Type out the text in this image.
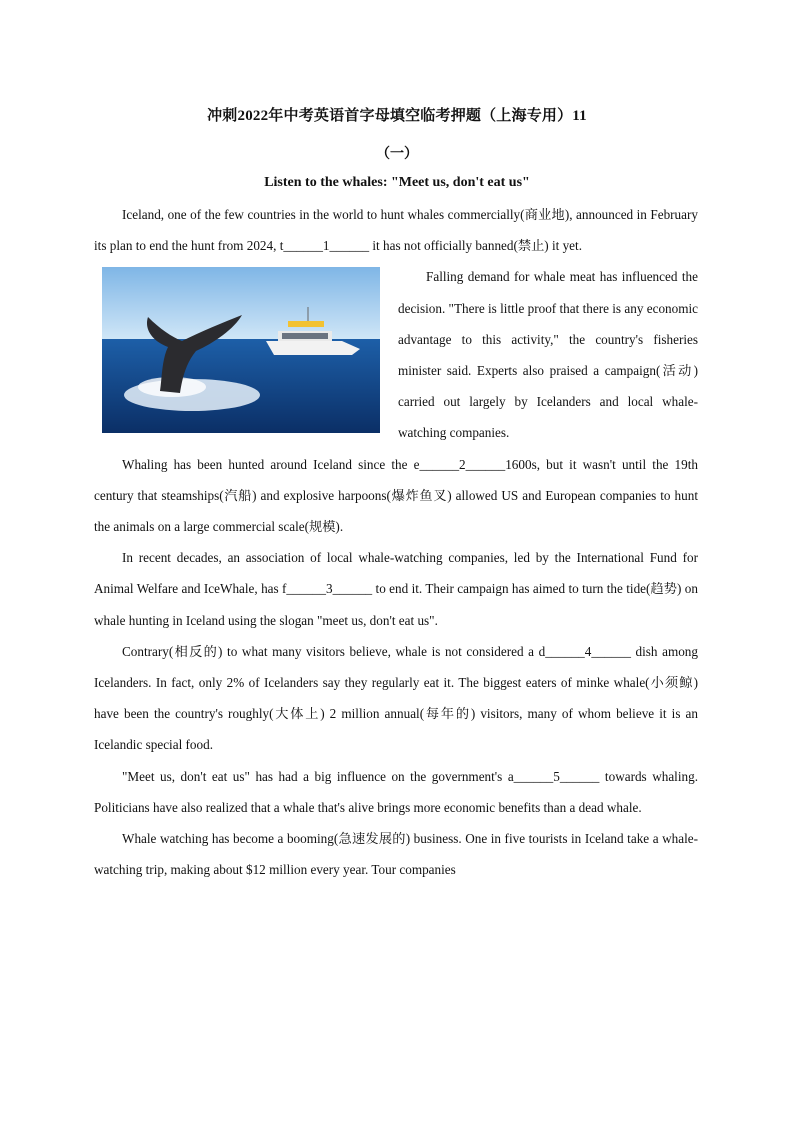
冲刺2022年中考英语首字母填空临考押题（上海专用）11
（一）
Listen to the whales: "Meet us, don't eat us"

Iceland, one of the few countries in the world to hunt whales commercially(商业地), announced in February its plan to end the hunt from 2024, t______1______ it has not officially banned(禁止) it yet.

Falling demand for whale meat has influenced the decision. "There is little proof that there is any economic advantage to this activity," the country's fisheries minister said. Experts also praised a campaign(活动) carried out largely by Icelanders and local whale-watching companies.

Whaling has been hunted around Iceland since the e______2______1600s, but it wasn't until the 19th century that steamships(汽船) and explosive harpoons(爆炸鱼叉) allowed US and European companies to hunt the animals on a large commercial scale(规模).

In recent decades, an association of local whale-watching companies, led by the International Fund for Animal Welfare and IceWhale, has f______3______ to end it. Their campaign has aimed to turn the tide(趋势) on whale hunting in Iceland using the slogan "meet us, don't eat us".

Contrary(相反的) to what many visitors believe, whale is not considered a d______4______ dish among Icelanders. In fact, only 2% of Icelanders say they regularly eat it. The biggest eaters of minke whale(小须鲸) have been the country's roughly(大体上) 2 million annual(每年的) visitors, many of whom believe it is an Icelandic special food.

"Meet us, don't eat us" has had a big influence on the government's a______5______ towards whaling. Politicians have also realized that a whale that's alive brings more economic benefits than a dead whale.

Whale watching has become a booming(急速发展的) business. One in five tourists in Iceland take a whale-watching trip, making about $12 million every year. Tour companies
